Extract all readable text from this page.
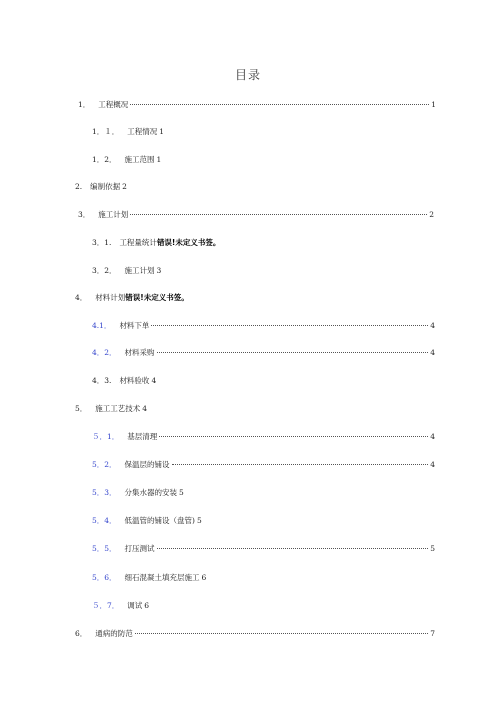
目录
1． 工程概况	1
1．１． 工程情况 1
1．2． 施工范围 1
2. 编制依据 2
3． 施工计划	2
3．1. 工程量统计 错误!未定义书签。
3．2． 施工计划 3
4． 材料计划 错误!未定义书签。
4.1． 材料下单	4
4．2． 材料采购	4
4．3. 材料验收 4
5． 施工工艺技术 4
５．1． 基层清理	4
5．2． 保温层的铺设	4
5．3． 分集水器的安装 5
5．4． 低温管的铺设（盘管) 5
5．5． 打压测试	5
5．6． 细石混凝土填充层施工 6
５．7． 调试 6
6． 通病的防范	7
